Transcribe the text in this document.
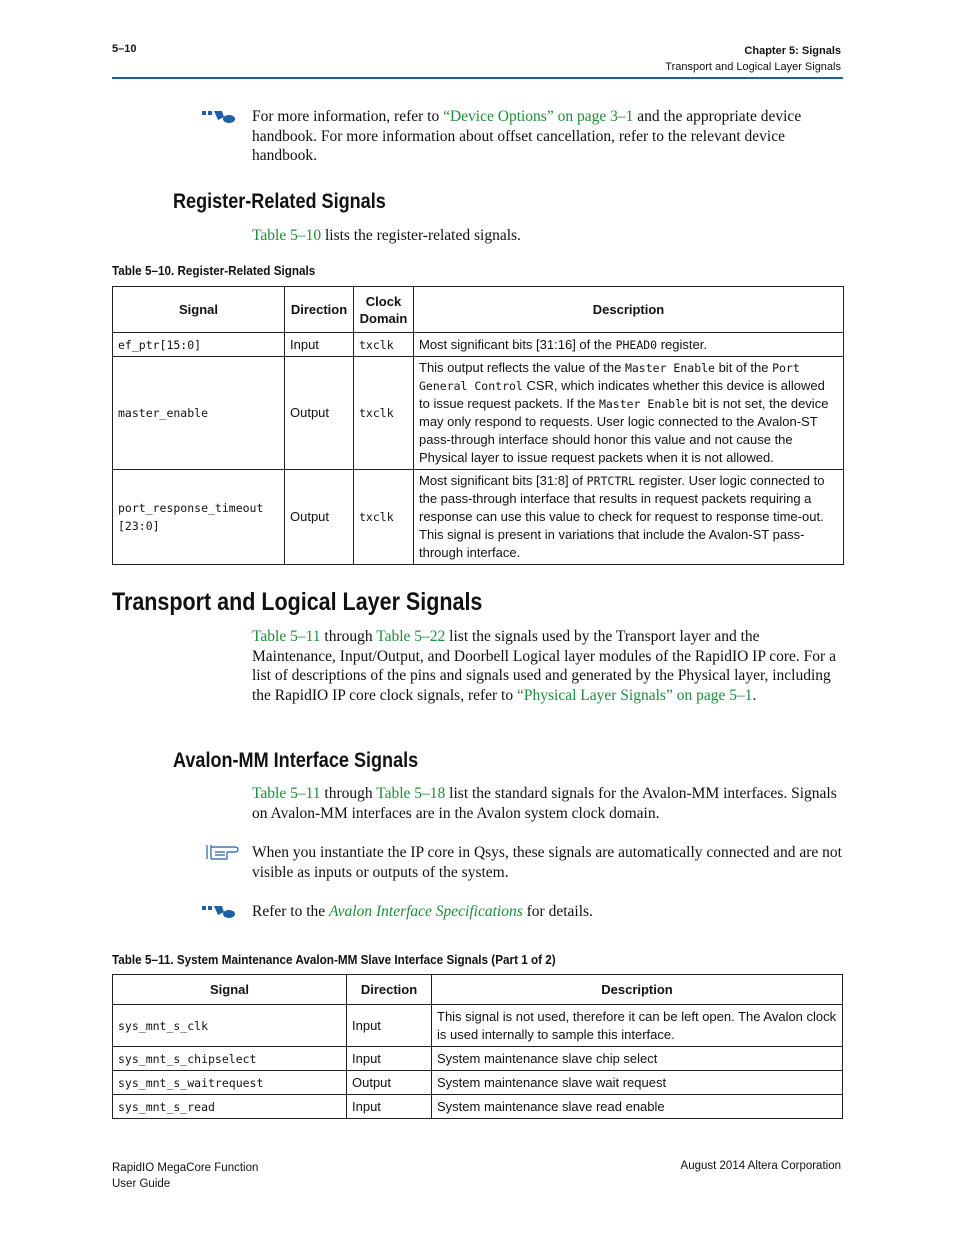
5–10	Chapter 5: Signals
Transport and Logical Layer Signals
For more information, refer to “Device Options” on page 3–1 and the appropriate device handbook. For more information about offset cancellation, refer to the relevant device handbook.
Register-Related Signals
Table 5–10 lists the register-related signals.
Table 5–10. Register-Related Signals
Signal	Direction	Clock Domain	Description
ef_ptr[15:0]	Input	txclk	Most significant bits [31:16] of the PHEAD0 register.
master_enable	Output	txclk	This output reflects the value of the Master Enable bit of the Port General Control CSR, which indicates whether this device is allowed to issue request packets. If the Master Enable bit is not set, the device may only respond to requests. User logic connected to the Avalon-ST pass-through interface should honor this value and not cause the Physical layer to issue request packets when it is not allowed.
port_response_timeout [23:0]	Output	txclk	Most significant bits [31:8] of PRTCTRL register. User logic connected to the pass-through interface that results in request packets requiring a response can use this value to check for request to response time-out. This signal is present in variations that include the Avalon-ST pass-through interface.
Transport and Logical Layer Signals
Table 5–11 through Table 5–22 list the signals used by the Transport layer and the Maintenance, Input/Output, and Doorbell Logical layer modules of the RapidIO IP core. For a list of descriptions of the pins and signals used and generated by the Physical layer, including the RapidIO IP core clock signals, refer to “Physical Layer Signals” on page 5–1.
Avalon-MM Interface Signals
Table 5–11 through Table 5–18 list the standard signals for the Avalon-MM interfaces. Signals on Avalon-MM interfaces are in the Avalon system clock domain.
When you instantiate the IP core in Qsys, these signals are automatically connected and are not visible as inputs or outputs of the system.
Refer to the Avalon Interface Specifications for details.
Table 5–11. System Maintenance Avalon-MM Slave Interface Signals (Part 1 of 2)
Signal	Direction	Description
sys_mnt_s_clk	Input	This signal is not used, therefore it can be left open. The Avalon clock is used internally to sample this interface.
sys_mnt_s_chipselect	Input	System maintenance slave chip select
sys_mnt_s_waitrequest	Output	System maintenance slave wait request
sys_mnt_s_read	Input	System maintenance slave read enable
RapidIO MegaCore Function
User Guide
August 2014 Altera Corporation
